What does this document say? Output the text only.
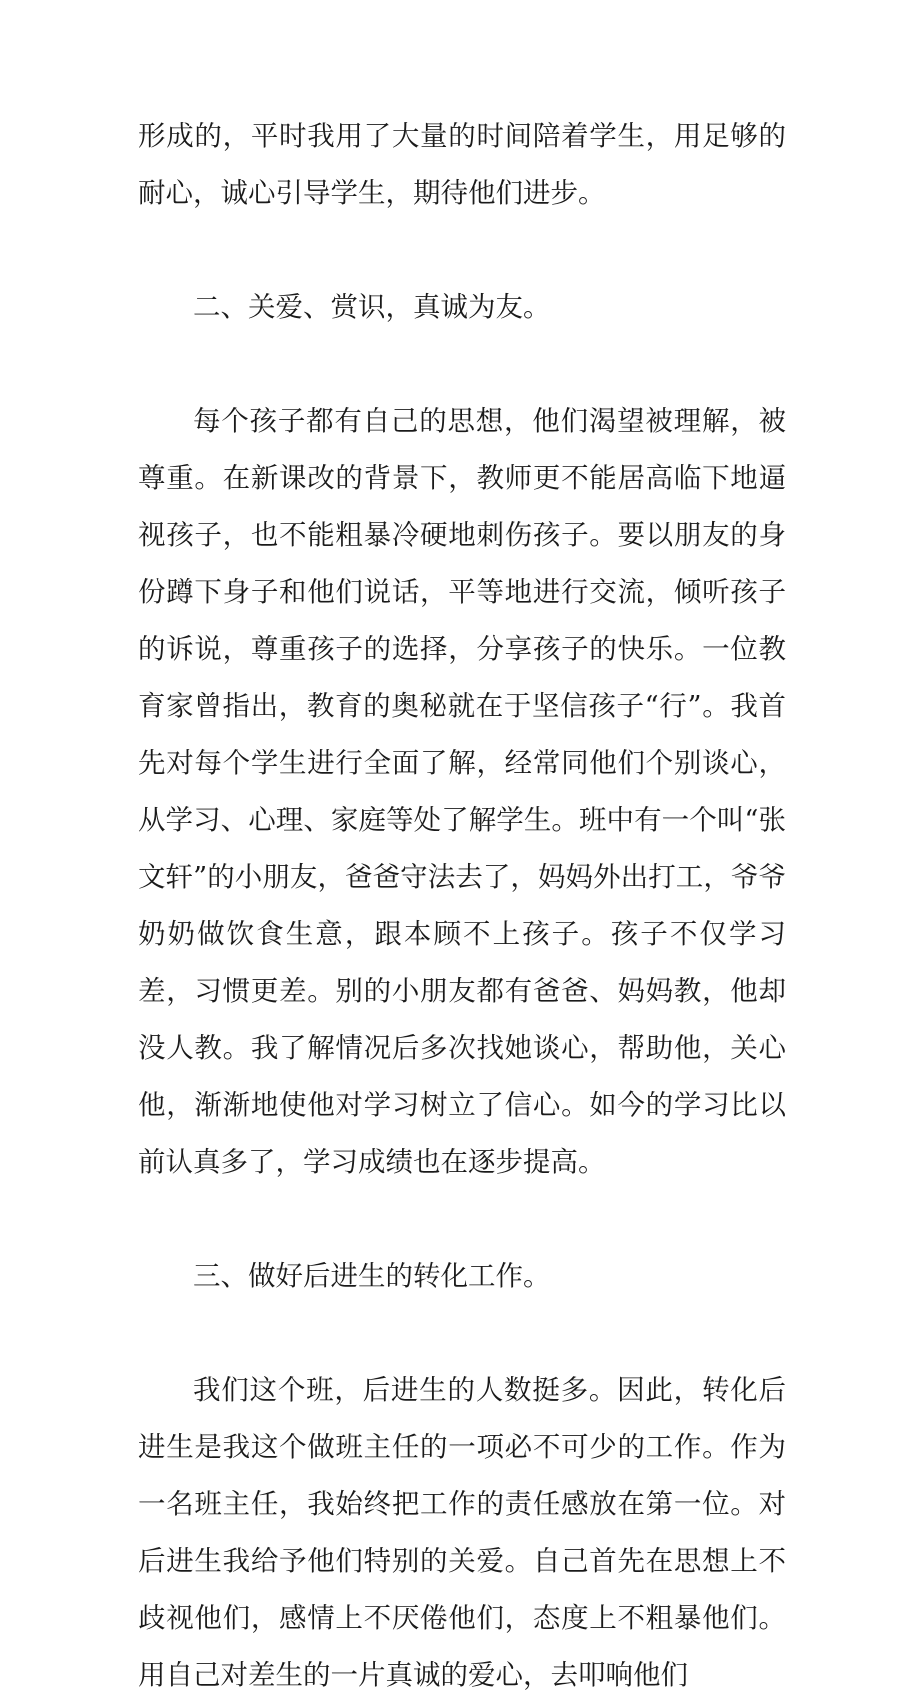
形成的，平时我用了大量的时间陪着学生，用足够的耐心，诚心引导学生，期待他们进步。

二、关爱、赏识，真诚为友。

每个孩子都有自己的思想，他们渴望被理解，被尊重。在新课改的背景下，教师更不能居高临下地逼视孩子，也不能粗暴冷硬地刺伤孩子。要以朋友的身份蹲下身子和他们说话，平等地进行交流，倾听孩子的诉说，尊重孩子的选择，分享孩子的快乐。一位教育家曾指出，教育的奥秘就在于坚信孩子“行”。我首先对每个学生进行全面了解，经常同他们个别谈心，从学习、心理、家庭等处了解学生。班中有一个叫“张文轩”的小朋友，爸爸守法去了，妈妈外出打工，爷爷奶奶做饮食生意，跟本顾不上孩子。孩子不仅学习差，习惯更差。别的小朋友都有爸爸、妈妈教，他却没人教。我了解情况后多次找她谈心，帮助他，关心他，渐渐地使他对学习树立了信心。如今的学习比以前认真多了，学习成绩也在逐步提高。

三、做好后进生的转化工作。

我们这个班，后进生的人数挺多。因此，转化后进生是我这个做班主任的一项必不可少的工作。作为一名班主任，我始终把工作的责任感放在第一位。对后进生我给予他们特别的关爱。自己首先在思想上不歧视他们，感情上不厌倦他们，态度上不粗暴他们。用自己对差生的一片真诚的爱心，去叩响他们
